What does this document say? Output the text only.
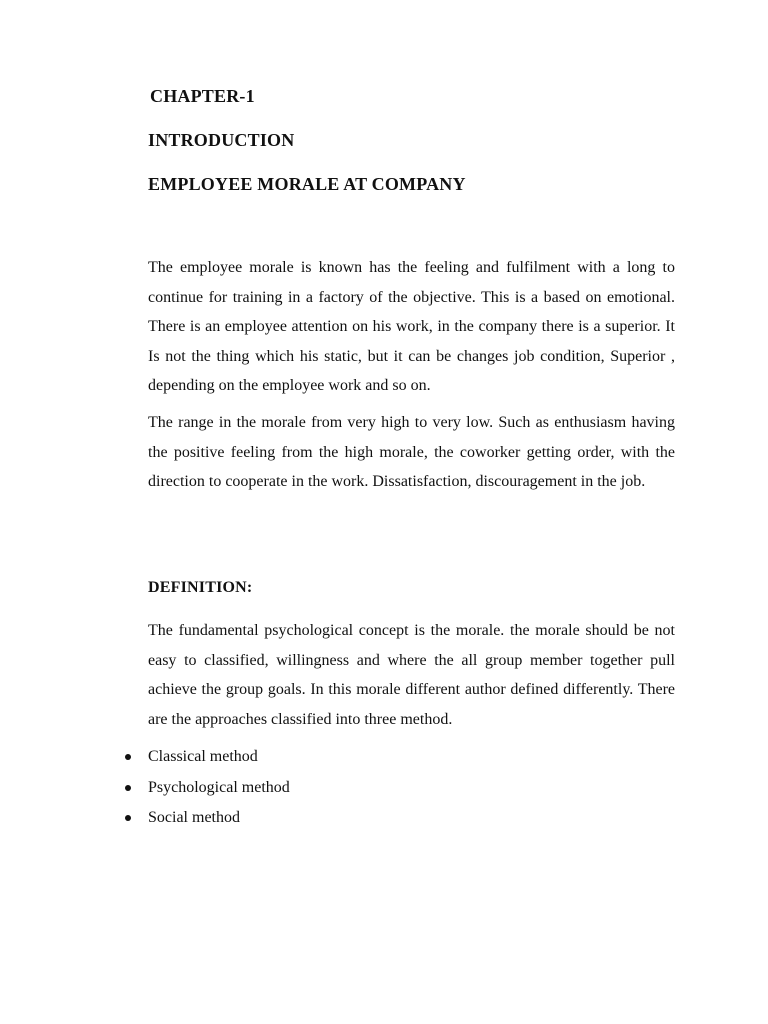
CHAPTER-1
INTRODUCTION
EMPLOYEE MORALE AT COMPANY

The employee morale is known has the feeling and fulfilment with a long to continue for training in a factory of the objective. This is a based on emotional. There is an employee attention on his work, in the company there is a superior. It Is not the thing which his static, but it can be changes job condition, Superior , depending on the employee work and so on.

The range in the morale from very high to very low. Such as enthusiasm having the positive feeling from the high morale, the coworker getting order, with the direction to cooperate in the work. Dissatisfaction, discouragement in the job.

DEFINITION:

The fundamental psychological concept is the morale. the morale should be not easy to classified, willingness and where the all group member together pull achieve the group goals. In this morale different author defined differently. There are the approaches classified into three method.

Classical method
Psychological method
Social method
